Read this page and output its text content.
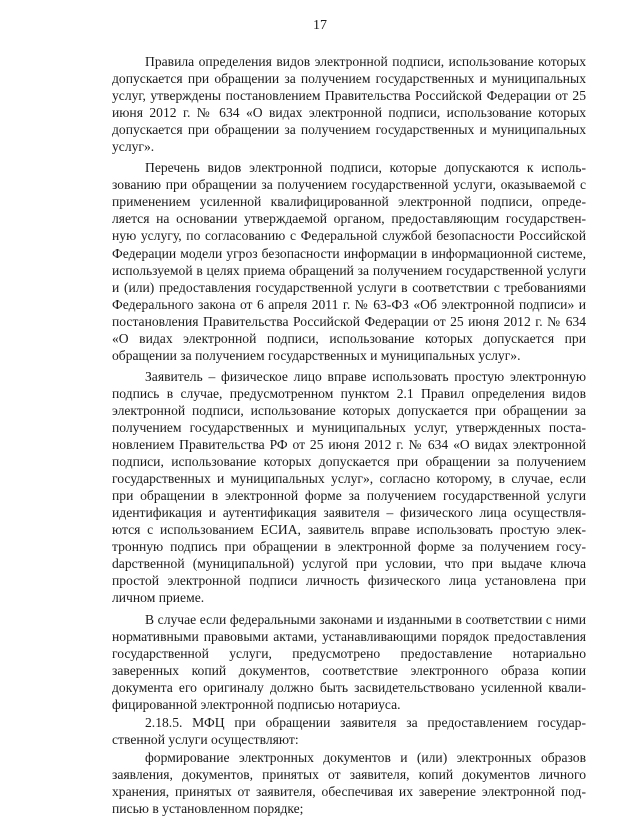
17

Правила определения видов электронной подписи, использование которых допускается при обращении за получением государственных и муниципальных услуг, утверждены постановлением Правительства Российской Федерации от 25 июня 2012 г. № 634 «О видах электронной подписи, использование которых допускается при обращении за получением государственных и муниципальных услуг».

Перечень видов электронной подписи, которые допускаются к использованию при обращении за получением государственной услуги, оказываемой с применением усиленной квалифицированной электронной подписи, определяется на основании утверждаемой органом, предоставляющим государственную услугу, по согласованию с Федеральной службой безопасности Российской Федерации модели угроз безопасности информации в информационной системе, используемой в целях приема обращений за получением государственной услуги и (или) предоставления государственной услуги в соответствии с требованиями Федерального закона от 6 апреля 2011 г. № 63-ФЗ «Об электронной подписи» и постановления Правительства Российской Федерации от 25 июня 2012 г. № 634 «О видах электронной подписи, использование которых допускается при обращении за получением государственных и муниципальных услуг».

Заявитель – физическое лицо вправе использовать простую электронную подпись в случае, предусмотренном пунктом 2.1 Правил определения видов электронной подписи, использование которых допускается при обращении за получением государственных и муниципальных услуг, утвержденных постановлением Правительства РФ от 25 июня 2012 г. № 634 «О видах электронной подписи, использование которых допускается при обращении за получением государственных и муниципальных услуг», согласно которому, в случае, если при обращении в электронной форме за получением государственной услуги идентификация и аутентификация заявителя – физического лица осуществляются с использованием ЕСИА, заявитель вправе использовать простую электронную подпись при обращении в электронной форме за получением госуdарственной (муниципальной) услугой при условии, что при выдаче ключа простой электронной подписи личность физического лица установлена при личном приеме.

В случае если федеральными законами и изданными в соответствии с ними нормативными правовыми актами, устанавливающими порядок предоставления государственной услуги, предусмотрено предоставление нотариально заверенных копий документов, соответствие электронного образа копии документа его оригиналу должно быть засвидетельствовано усиленной квалифицированной электронной подписью нотариуса.

2.18.5. МФЦ при обращении заявителя за предоставлением государственной услуги осуществляют:

формирование электронных документов и (или) электронных образов заявления, документов, принятых от заявителя, копий документов личного хранения, принятых от заявителя, обеспечивая их заверение электронной подписью в установленном порядке;
